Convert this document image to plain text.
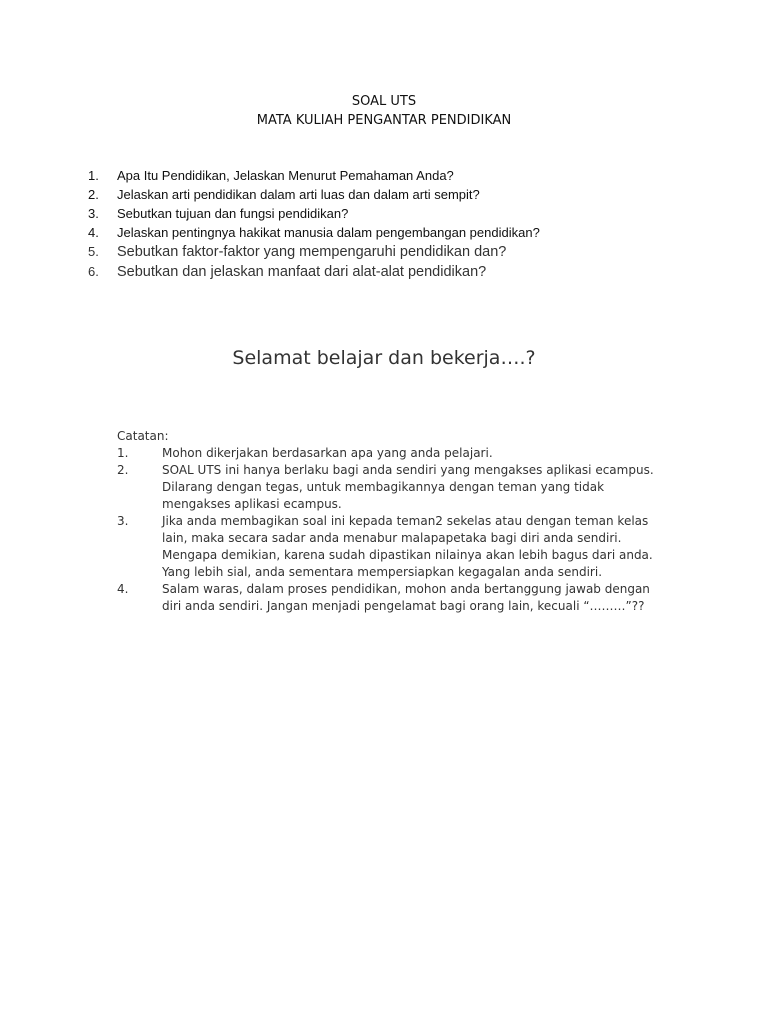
SOAL UTS
MATA KULIAH PENGANTAR PENDIDIKAN
1.	Apa Itu Pendidikan, Jelaskan Menurut Pemahaman Anda?
2.	Jelaskan arti pendidikan dalam arti luas dan dalam arti sempit?
3.	Sebutkan tujuan dan fungsi pendidikan?
4.	Jelaskan pentingnya hakikat manusia dalam pengembangan pendidikan?
5.	Sebutkan faktor-faktor yang mempengaruhi pendidikan dan?
6.	Sebutkan dan jelaskan manfaat dari alat-alat pendidikan?
Selamat belajar dan bekerja….?
Catatan:
1.	Mohon dikerjakan berdasarkan apa yang anda pelajari.
2.	SOAL UTS ini hanya berlaku bagi anda sendiri yang mengakses aplikasi ecampus.
Dilarang dengan tegas, untuk membagikannya dengan teman yang tidak
mengakses aplikasi ecampus.
3.	Jika anda membagikan soal ini kepada teman2 sekelas atau dengan teman kelas
lain, maka secara sadar anda menabur malapapetaka bagi diri anda sendiri.
Mengapa demikian, karena sudah dipastikan nilainya akan lebih bagus dari anda.
Yang lebih sial, anda sementara mempersiapkan kegagalan anda sendiri.
4.	Salam waras, dalam proses pendidikan, mohon anda bertanggung jawab dengan
diri anda sendiri. Jangan menjadi pengelamat bagi orang lain, kecuali “………”??
